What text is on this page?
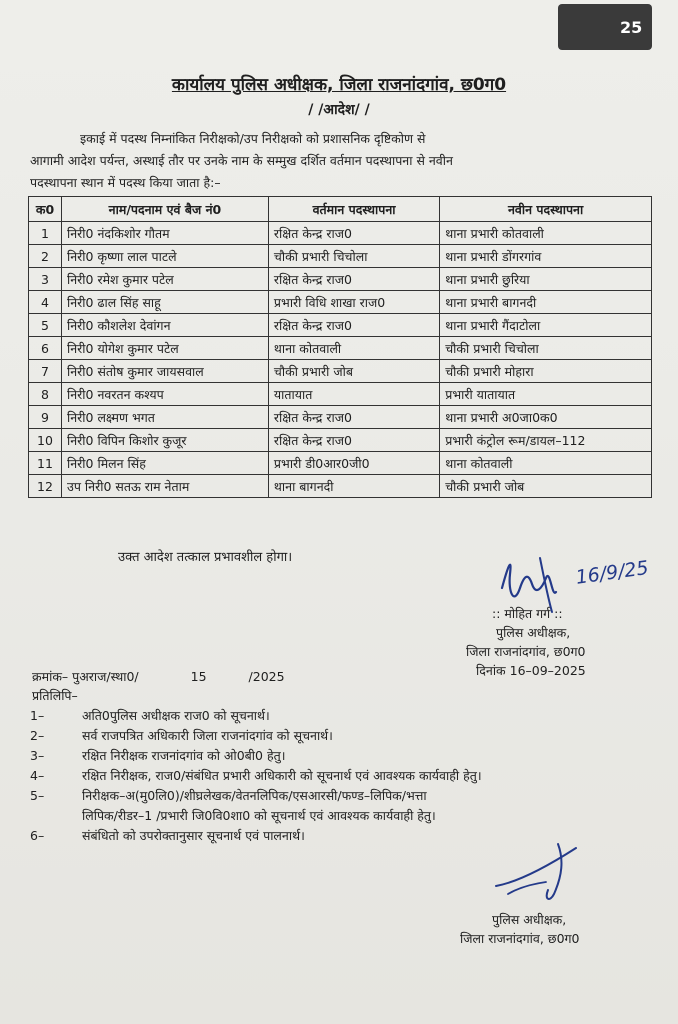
25
कार्यालय पुलिस अधीक्षक, जिला राजनांदगांव, छ0ग0
/ /आदेश/ /
इकाई में पदस्थ निम्नांकित निरीक्षको/उप निरीक्षको को प्रशासनिक दृष्टिकोण से
आगामी आदेश पर्यन्त, अस्थाई तौर पर उनके नाम के सम्मुख दर्शित वर्तमान पदस्थापना से नवीन
पदस्थापना स्थान में पदस्थ किया जाता है:–
क0	नाम/पदनाम एवं बैज नं0	वर्तमान पदस्थापना	नवीन पदस्थापना
1	निरी0 नंदकिशोर गौतम	रक्षित केन्द्र राज0	थाना प्रभारी कोतवाली
2	निरी0 कृष्णा लाल पाटले	चौकी प्रभारी चिचोला	थाना प्रभारी डोंगरगांव
3	निरी0 रमेश कुमार पटेल	रक्षित केन्द्र राज0	थाना प्रभारी छुरिया
4	निरी0 ढाल सिंह साहू	प्रभारी विधि शाखा राज0	थाना प्रभारी बागनदी
5	निरी0 कौशलेश देवांगन	रक्षित केन्द्र राज0	थाना प्रभारी गैंदाटोला
6	निरी0 योगेश कुमार पटेल	थाना कोतवाली	चौकी प्रभारी चिचोला
7	निरी0 संतोष कुमार जायसवाल	चौकी प्रभारी जोब	चौकी प्रभारी मोहारा
8	निरी0 नवरतन कश्यप	यातायात	प्रभारी यातायात
9	निरी0 लक्ष्मण भगत	रक्षित केन्द्र राज0	थाना प्रभारी अ0जा0क0
10	निरी0 विपिन किशोर कुजूर	रक्षित केन्द्र राज0	प्रभारी कंट्रोल रूम/डायल–112
11	निरी0 मिलन सिंह	प्रभारी डी0आर0जी0	थाना कोतवाली
12	उप निरी0 सतऊ राम नेताम	थाना बागनदी	चौकी प्रभारी जोब
उक्त आदेश तत्काल प्रभावशील होगा।	16/9/25
:: मोहित गर्ग ::
पुलिस अधीक्षक,
जिला राजनांदगांव, छ0ग0
दिनांक 16–09–2025
क्रमांक– पुअराज/स्था0/	15	/2025
प्रतिलिपि–
1–	अति0पुलिस अधीक्षक राज0 को सूचनार्थ।
2–	सर्व राजपत्रित अधिकारी जिला राजनांदगांव को सूचनार्थ।
3–	रक्षित निरीक्षक राजनांदगांव को ओ0बी0 हेतु।
4–	रक्षित निरीक्षक, राज0/संबंधित प्रभारी अधिकारी को सूचनार्थ एवं आवश्यक कार्यवाही हेतु।
5–	निरीक्षक–अ(मु0लि0)/शीघ्रलेखक/वेतनलिपिक/एसआरसी/फण्ड–लिपिक/भत्ता
लिपिक/रीडर–1 /प्रभारी जि0वि0शा0 को सूचनार्थ एवं आवश्यक कार्यवाही हेतु।
6–	संबंधितो को उपरोक्तानुसार सूचनार्थ एवं पालनार्थ।
पुलिस अधीक्षक,
जिला राजनांदगांव, छ0ग0
